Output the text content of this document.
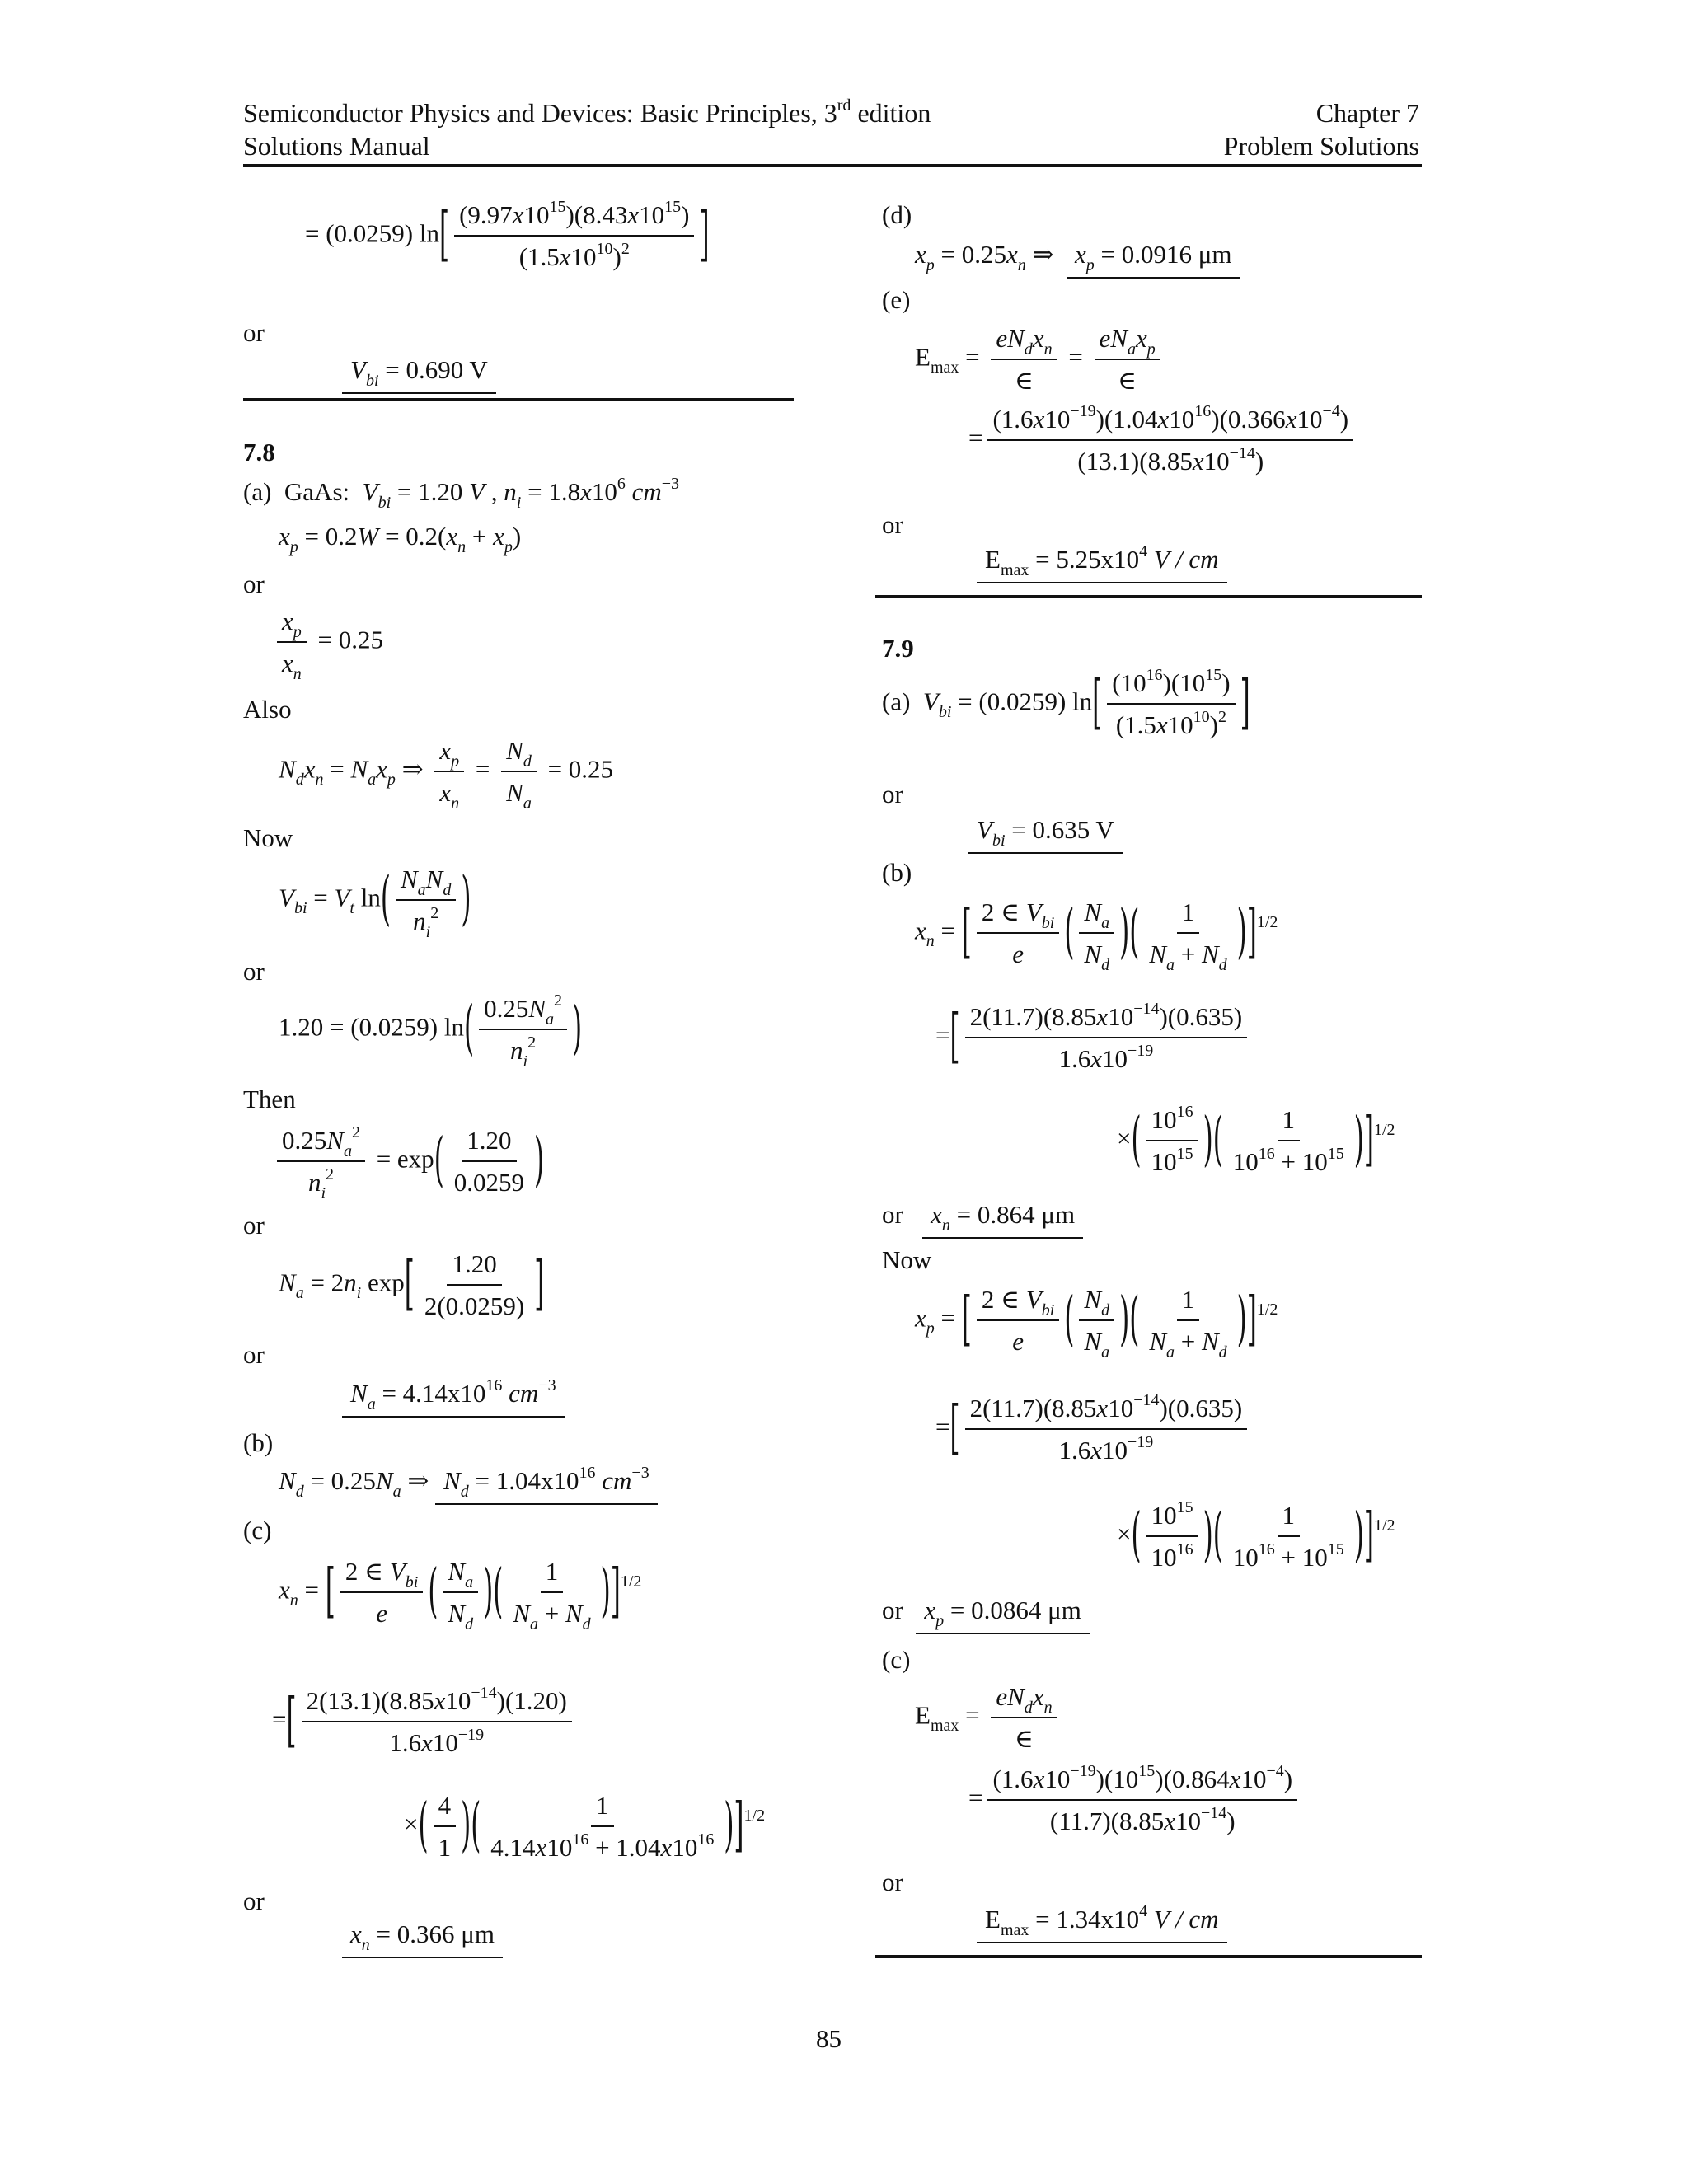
Semiconductor Physics and Devices: Basic Principles, 3rd edition
Solutions Manual
Chapter 7
Problem Solutions
= (0.0259) $\ln[ \frac{(9.97x10^{15})(8.43x10^{15})}{(1.5x10^{10})^2}$ ]
or
$V_{bi} = 0.690$ V
7.8
(a) GaAs: $V_{bi} = 1.20$ V , $n_i = 1.8x10^6$ $cm^{-3}$
$x_p = 0.2W = 0.2(x_n + x_p)$
or
$\frac{x_p}{x_n} = 0.25$
Also
$N_dx_n = N_ax_p$ ⇒ $\frac{x_p}{x_n} = \frac{N_d}{N_a} = 0.25$
Now
$V_{bi} = V_t$ $\ln( \frac{N_aN_d}{n_i^2}$ )
or
1.20 = (0.0259) $\ln( \frac{0.25N_a^2}{n_i^2}$ )
Then
$\frac{0.25N_a^2}{n_i^2} = \exp( \frac{1.20}{0.0259}$ )
or
$N_a = 2n_i$ $\exp[ \frac{1.20}{2(0.0259)}$ ]
or
$N_a = 4.14x10^{16}$ $cm^{-3}$
(b)
$N_d = 0.25N_a$ ⇒ $N_d = 1.04x10^{16}$ $cm^{-3}$
(c)
$x_n$ = [ $\frac{2 \in V_{bi}}{e}$ ( $\frac{N_a}{N_d}$ )( $\frac{1}{N_a + N_d} )]^{1/2}$
=[ $\frac{2(13.1)(8.85x10^{-14})(1.20)}{1.6x10^{-19}}$
×( $\frac{4}{1}$ )( $\frac{1}{4.14x10^{16} + 1.04x10^{16}} )]^{1/2}$
or
$x_n = 0.366$ μm
(d)
$x_p = 0.25x_n$ ⇒  $x_p = 0.0916$ μm
(e)
$E_{max} = \frac{eN_dx_n}{\in} = \frac{eN_ax_p}{\in}$
= $\frac{(1.6x10^{-19})(1.04x10^{16})(0.366x10^{-4})}{(13.1)(8.85x10^{-14})}$
or
$E_{max} = 5.25x10^4$ V / cm
7.9
(a) $V_{bi} = (0.0259)$ $\ln[ \frac{(10^{16})(10^{15})}{(1.5x10^{10})^2}$ ]
or
$V_{bi} = 0.635$ V
(b)
$x_n$ = [ $\frac{2 \in V_{bi}}{e}$ ( $\frac{N_a}{N_d}$ )( $\frac{1}{N_a + N_d} )]^{1/2}$
=[ $\frac{2(11.7)(8.85x10^{-14})(0.635)}{1.6x10^{-19}}$
×( $\frac{10^{16}}{10^{15}}$ )( $\frac{1}{10^{16} + 10^{15}} )]^{1/2}$
or $x_n = 0.864$ μm
Now
$x_p$ = [ $\frac{2 \in V_{bi}}{e}$ ( $\frac{N_d}{N_a}$ )( $\frac{1}{N_a + N_d} )]^{1/2}$
=[ $\frac{2(11.7)(8.85x10^{-14})(0.635)}{1.6x10^{-19}}$
×( $\frac{10^{15}}{10^{16}}$ )( $\frac{1}{10^{16} + 10^{15}} )]^{1/2}$
or $x_p = 0.0864$ μm
(c)
$E_{max} = \frac{eN_dx_n}{\in}$
= $\frac{(1.6x10^{-19})(10^{15})(0.864x10^{-4})}{(11.7)(8.85x10^{-14})}$
or
$E_{max} = 1.34x10^4$ V / cm
85
